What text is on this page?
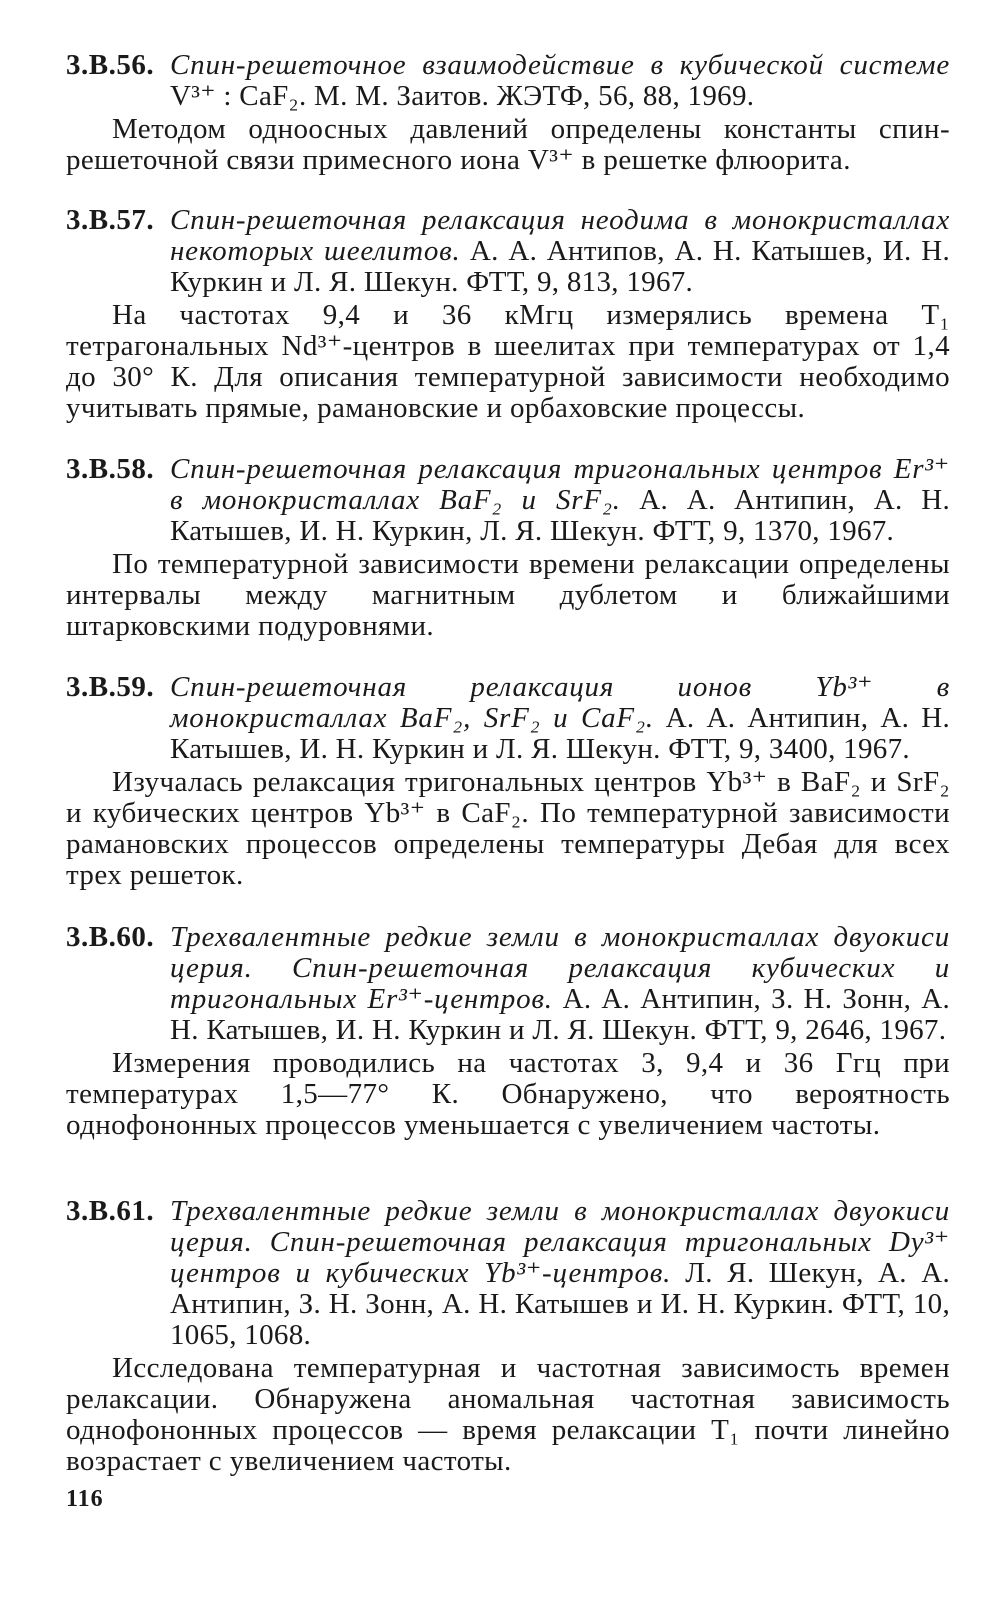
3.В.56. Спин-решеточное взаимодействие в кубической системе V³⁺ : CaF₂. М. М. Заитов. ЖЭТФ, 56, 88, 1969.

Методом одноосных давлений определены константы спин-решеточной связи примесного иона V³⁺ в решетке флюорита.

3.В.57. Спин-решеточная релаксация неодима в монокристаллах некоторых шеелитов. А. А. Антипов, А. Н. Катышев, И. Н. Куркин и Л. Я. Шекун. ФТТ, 9, 813, 1967.

На частотах 9,4 и 36 кМгц измерялись времена T₁ тетрагональных Nd³⁺-центров в шеелитах при температурах от 1,4 до 30° К. Для описания температурной зависимости необходимо учитывать прямые, рамановские и орбаховские процессы.

3.В.58. Спин-решеточная релаксация тригональных центров Er³⁺ в монокристаллах BaF₂ и SrF₂. А. А. Антипин, А. Н. Катышев, И. Н. Куркин, Л. Я. Шекун. ФТТ, 9, 1370, 1967.

По температурной зависимости времени релаксации определены интервалы между магнитным дублетом и ближайшими штарковскими подуровнями.

3.В.59. Спин-решеточная релаксация ионов Yb³⁺ в монокристаллах BaF₂, SrF₂ и CaF₂. А. А. Антипин, А. Н. Катышев, И. Н. Куркин и Л. Я. Шекун. ФТТ, 9, 3400, 1967.

Изучалась релаксация тригональных центров Yb³⁺ в BaF₂ и SrF₂ и кубических центров Yb³⁺ в CaF₂. По температурной зависимости рамановских процессов определены температуры Дебая для всех трех решеток.

3.В.60. Трехвалентные редкие земли в монокристаллах двуокиси церия. Спин-решеточная релаксация кубических и тригональных Er³⁺-центров. А. А. Антипин, З. Н. Зонн, А. Н. Катышев, И. Н. Куркин и Л. Я. Шекун. ФТТ, 9, 2646, 1967.

Измерения проводились на частотах 3, 9,4 и 36 Ггц при температурах 1,5—77° К. Обнаружено, что вероятность однофононных процессов уменьшается с увеличением частоты.

3.В.61. Трехвалентные редкие земли в монокристаллах двуокиси церия. Спин-решеточная релаксация тригональных Dy³⁺ центров и кубических Yb³⁺-центров. Л. Я. Шекун, А. А. Антипин, З. Н. Зонн, А. Н. Катышев и И. Н. Куркин. ФТТ, 10, 1065, 1068.

Исследована температурная и частотная зависимость времен релаксации. Обнаружена аномальная частотная зависимость однофононных процессов — время релаксации T₁ почти линейно возрастает с увеличением частоты.

116
